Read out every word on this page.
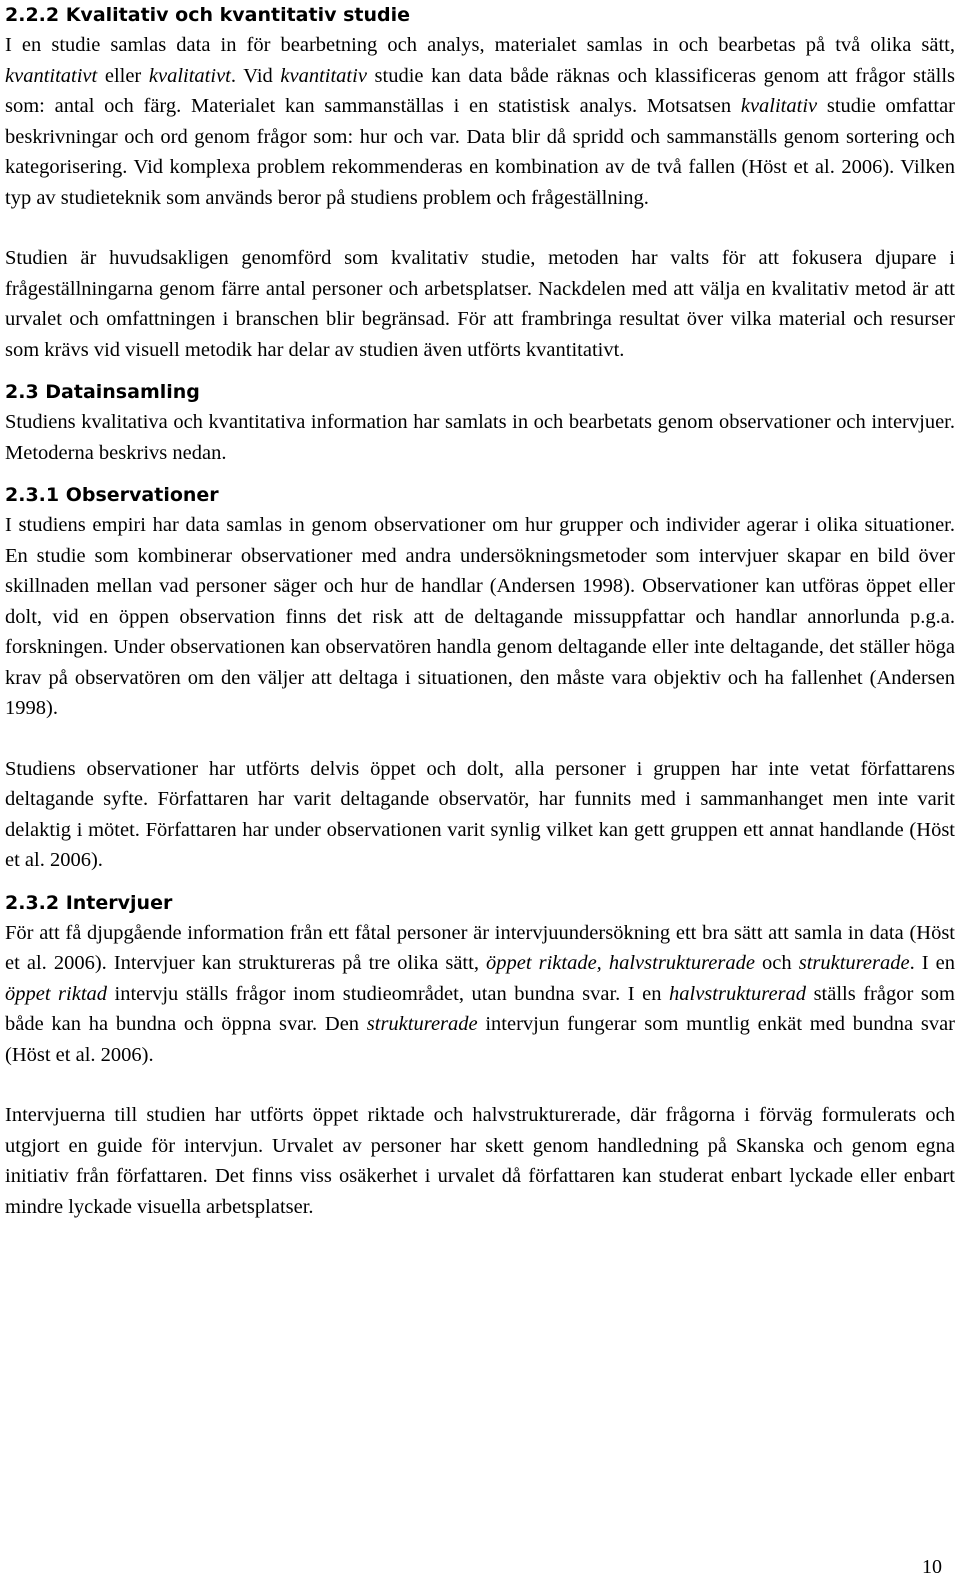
2.2.2 Kvalitativ och kvantitativ studie

I en studie samlas data in för bearbetning och analys, materialet samlas in och bearbetas på två olika sätt, kvantitativt eller kvalitativt. Vid kvantitativ studie kan data både räknas och klassificeras genom att frågor ställs som: antal och färg. Materialet kan sammanställas i en statistisk analys. Motsatsen kvalitativ studie omfattar beskrivningar och ord genom frågor som: hur och var. Data blir då spridd och sammanställs genom sortering och kategorisering. Vid komplexa problem rekommenderas en kombination av de två fallen (Höst et al. 2006). Vilken typ av studieteknik som används beror på studiens problem och frågeställning.

Studien är huvudsakligen genomförd som kvalitativ studie, metoden har valts för att fokusera djupare i frågeställningarna genom färre antal personer och arbetsplatser. Nackdelen med att välja en kvalitativ metod är att urvalet och omfattningen i branschen blir begränsad. För att frambringa resultat över vilka material och resurser som krävs vid visuell metodik har delar av studien även utförts kvantitativt.

2.3 Datainsamling

Studiens kvalitativa och kvantitativa information har samlats in och bearbetats genom observationer och intervjuer. Metoderna beskrivs nedan.

2.3.1 Observationer

I studiens empiri har data samlas in genom observationer om hur grupper och individer agerar i olika situationer. En studie som kombinerar observationer med andra undersökningsmetoder som intervjuer skapar en bild över skillnaden mellan vad personer säger och hur de handlar (Andersen 1998). Observationer kan utföras öppet eller dolt, vid en öppen observation finns det risk att de deltagande missuppfattar och handlar annorlunda p.g.a. forskningen. Under observationen kan observatören handla genom deltagande eller inte deltagande, det ställer höga krav på observatören om den väljer att deltaga i situationen, den måste vara objektiv och ha fallenhet (Andersen 1998).

Studiens observationer har utförts delvis öppet och dolt, alla personer i gruppen har inte vetat författarens deltagande syfte. Författaren har varit deltagande observatör, har funnits med i sammanhanget men inte varit delaktig i mötet. Författaren har under observationen varit synlig vilket kan gett gruppen ett annat handlande (Höst et al. 2006).

2.3.2 Intervjuer

För att få djupgående information från ett fåtal personer är intervjuundersökning ett bra sätt att samla in data (Höst et al. 2006). Intervjuer kan struktureras på tre olika sätt, öppet riktade, halvstrukturerade och strukturerade. I en öppet riktad intervju ställs frågor inom studieområdet, utan bundna svar. I en halvstrukturerad ställs frågor som både kan ha bundna och öppna svar. Den strukturerade intervjun fungerar som muntlig enkät med bundna svar (Höst et al. 2006).

Intervjuerna till studien har utförts öppet riktade och halvstrukturerade, där frågorna i förväg formulerats och utgjort en guide för intervjun. Urvalet av personer har skett genom handledning på Skanska och genom egna initiativ från författaren. Det finns viss osäkerhet i urvalet då författaren kan studerat enbart lyckade eller enbart mindre lyckade visuella arbetsplatser.

10
